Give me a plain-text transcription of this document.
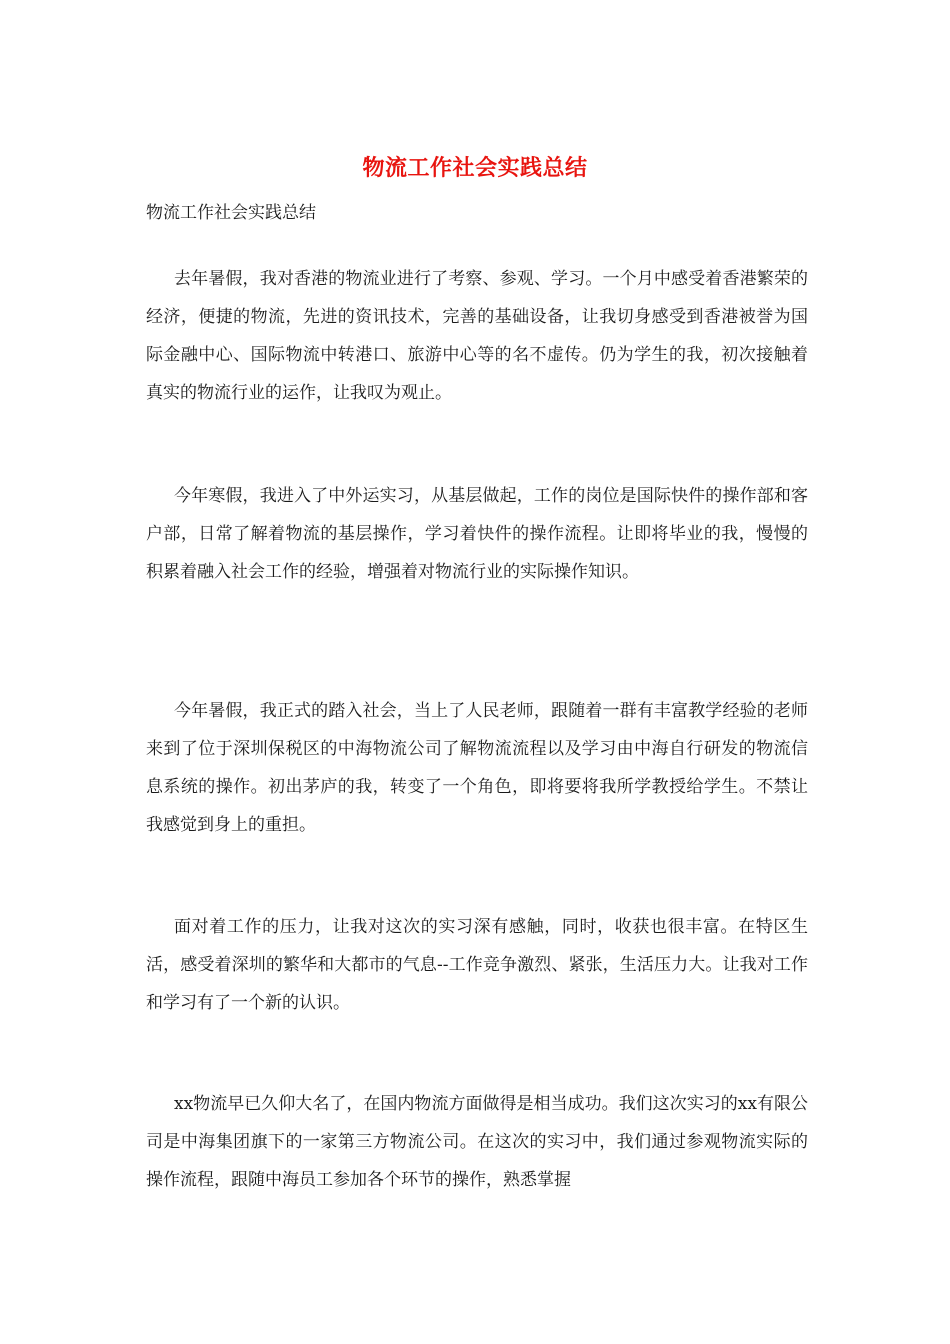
物流工作社会实践总结
物流工作社会实践总结

去年暑假，我对香港的物流业进行了考察、参观、学习。一个月中感受着香港繁荣的经济，便捷的物流，先进的资讯技术，完善的基础设备，让我切身感受到香港被誉为国际金融中心、国际物流中转港口、旅游中心等的名不虚传。仍为学生的我，初次接触着真实的物流行业的运作，让我叹为观止。

今年寒假，我进入了中外运实习，从基层做起，工作的岗位是国际快件的操作部和客户部，日常了解着物流的基层操作，学习着快件的操作流程。让即将毕业的我，慢慢的积累着融入社会工作的经验，增强着对物流行业的实际操作知识。

今年暑假，我正式的踏入社会，当上了人民老师，跟随着一群有丰富教学经验的老师来到了位于深圳保税区的中海物流公司了解物流流程以及学习由中海自行研发的物流信息系统的操作。初出茅庐的我，转变了一个角色，即将要将我所学教授给学生。不禁让我感觉到身上的重担。

面对着工作的压力，让我对这次的实习深有感触，同时，收获也很丰富。在特区生活，感受着深圳的繁华和大都市的气息--工作竞争激烈、紧张，生活压力大。让我对工作和学习有了一个新的认识。

xx物流早已久仰大名了，在国内物流方面做得是相当成功。我们这次实习的xx有限公司是中海集团旗下的一家第三方物流公司。在这次的实习中，我们通过参观物流实际的操作流程，跟随中海员工参加各个环节的操作，熟悉掌握
